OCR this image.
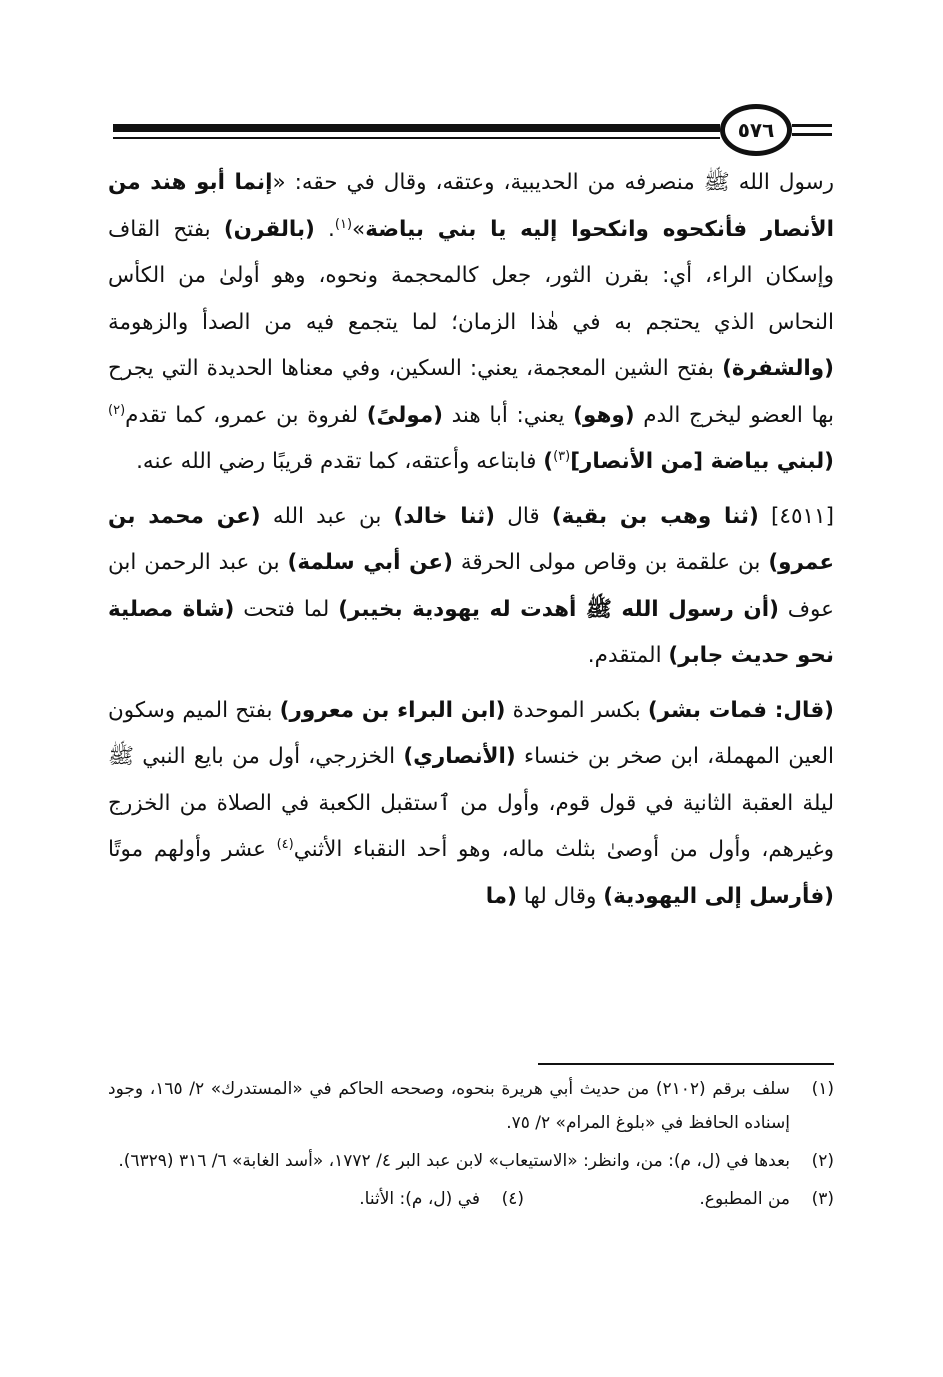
٥٧٦

رسول الله ﷺ منصرفه من الحديبية، وعتقه، وقال في حقه: «إنما أبو هند من الأنصار فأنكحوه وانكحوا إليه يا بني بياضة»$^{(١)}$. (بالقرن) بفتح القاف وإسكان الراء، أي: بقرن الثور، جعل كالمحجمة ونحوه، وهو أولىٰ من الكأس النحاس الذي يحتجم به في هٰذا الزمان؛ لما يتجمع فيه من الصدأ والزهومة (والشفرة) بفتح الشين المعجمة، يعني: السكين، وفي معناها الحديدة التي يجرح بها العضو ليخرج الدم (وهو) يعني: أبا هند (مولىً) لفروة بن عمرو، كما تقدم$^{(٢)}$ (لبني بياضة [من الأنصار]$^{(٣)}$) فابتاعه وأعتقه، كما تقدم قريبًا رضي الله عنه.

[٤٥١١] (ثنا وهب بن بقية) قال (ثنا خالد) بن عبد الله (عن محمد بن عمرو) بن علقمة بن وقاص مولى الحرقة (عن أبي سلمة) بن عبد الرحمن ابن عوف (أن رسول الله ﷺ أهدت له يهودية بخيبر) لما فتحت (شاة مصلية نحو حديث جابر) المتقدم.

(قال: فمات بشر) بكسر الموحدة (ابن البراء بن معرور) بفتح الميم وسكون العين المهملة، ابن صخر بن خنساء (الأنصاري) الخزرجي، أول من بايع النبي ﷺ ليلة العقبة الثانية في قول قوم، وأول من ٱستقبل الكعبة في الصلاة من الخزرج وغيرهم، وأول من أوصىٰ بثلث ماله، وهو أحد النقباء الأثني$^{(٤)}$ عشر وأولهم موتًا (فأرسل إلى اليهودية) وقال لها (ما

(١)
سلف برقم (٢١٠٢) من حديث أبي هريرة بنحوه، وصححه الحاكم في «المستدرك» ٢/ ١٦٥، وجود إسناده الحافظ في «بلوغ المرام» ٢/ ٧٥.
(٢)
بعدها في (ل، م): من، وانظر: «الاستيعاب» لابن عبد البر ٤/ ١٧٧٢، «أسد الغابة» ٦/ ٣١٦ (٦٣٢٩).
(٣)
من المطبوع.
(٤)
في (ل، م): الأثنا.
